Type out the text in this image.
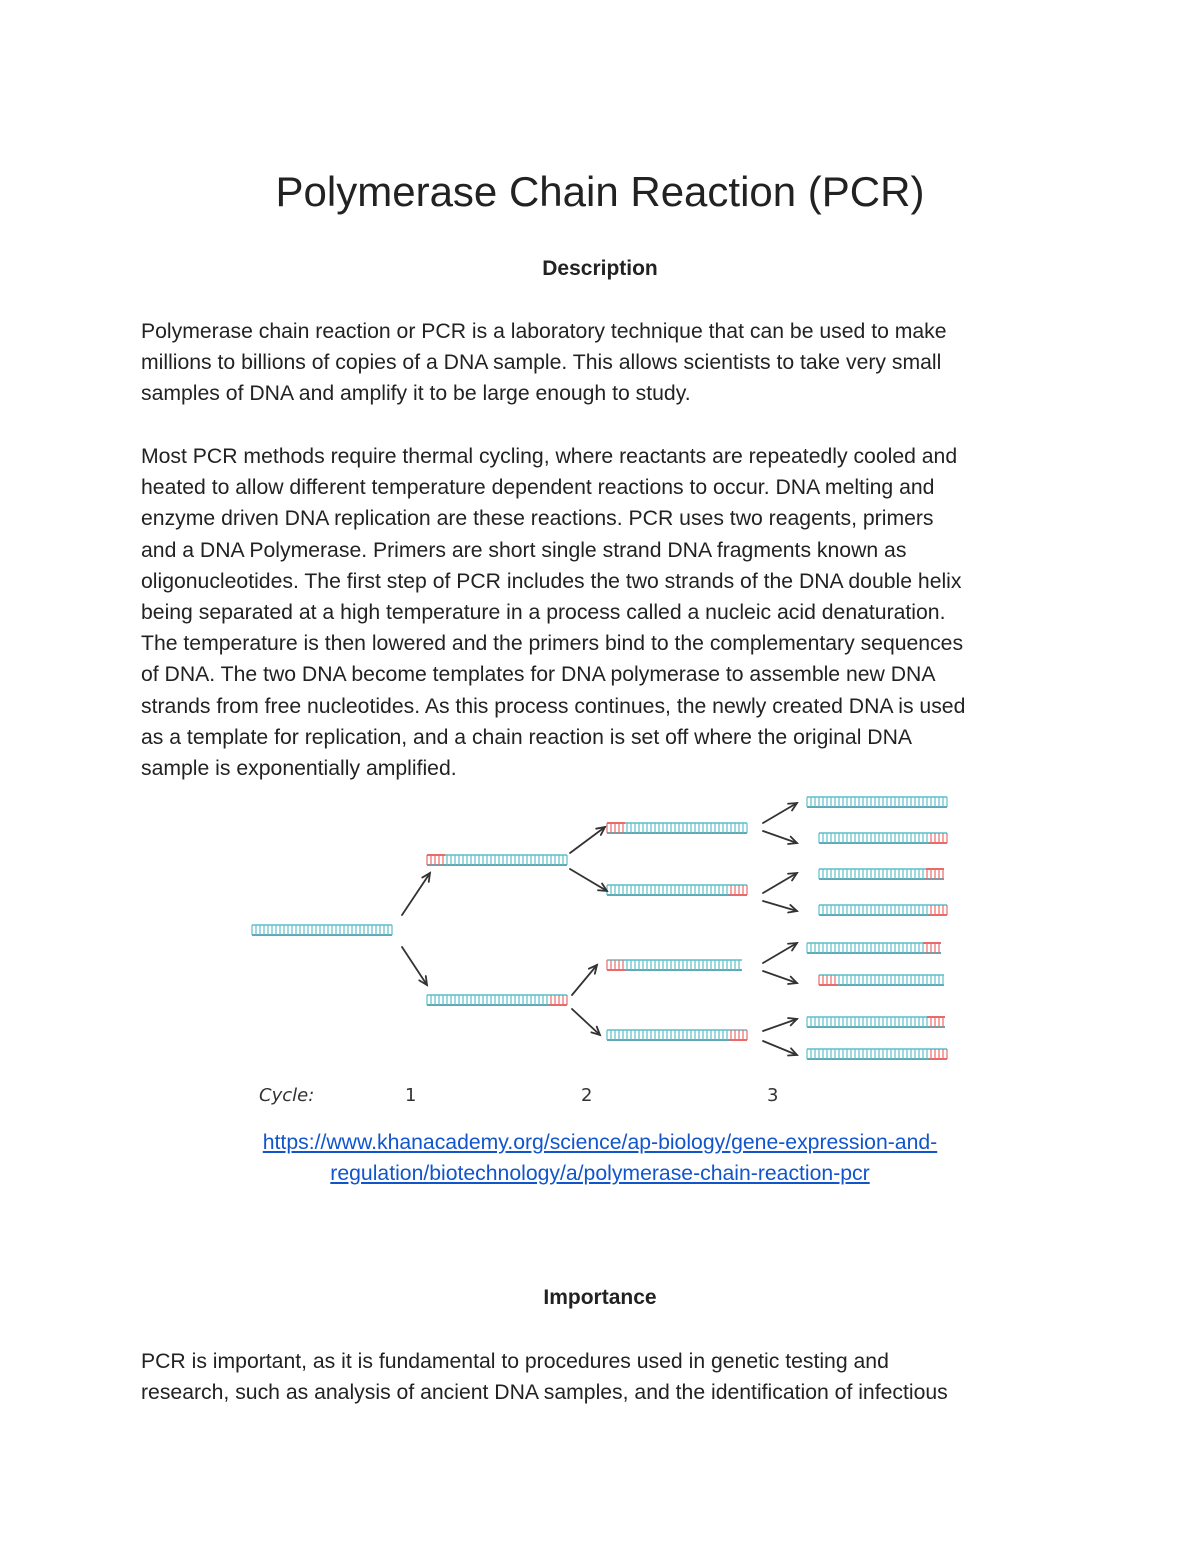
Polymerase Chain Reaction (PCR)
Description

Polymerase chain reaction or PCR is a laboratory technique that can be used to make
millions to billions of copies of a DNA sample. This allows scientists to take very small
samples of DNA and amplify it to be large enough to study.

Most PCR methods require thermal cycling, where reactants are repeatedly cooled and
heated to allow different temperature dependent reactions to occur. DNA melting and
enzyme driven DNA replication are these reactions. PCR uses two reagents, primers
and a DNA Polymerase. Primers are short single strand DNA fragments known as
oligonucleotides. The first step of PCR includes the two strands of the DNA double helix
being separated at a high temperature in a process called a nucleic acid denaturation.
The temperature is then lowered and the primers bind to the complementary sequences
of DNA. The two DNA become templates for DNA polymerase to assemble new DNA
strands from free nucleotides. As this process continues, the newly created DNA is used
as a template for replication, and a chain reaction is set off where the original DNA
sample is exponentially amplified.

Cycle:	1	2	3
https://www.khanacademy.org/science/ap-biology/gene-expression-and-
regulation/biotechnology/a/polymerase-chain-reaction-pcr
Importance

PCR is important, as it is fundamental to procedures used in genetic testing and
research, such as analysis of ancient DNA samples, and the identification of infectious
